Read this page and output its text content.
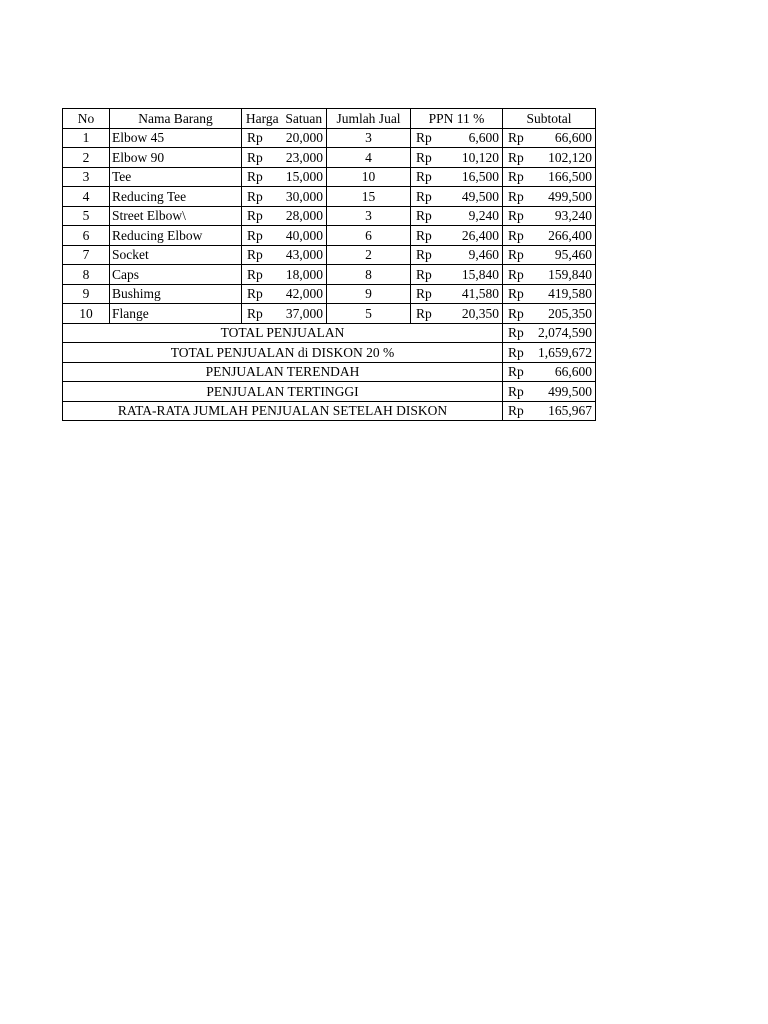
No	Nama Barang	Harga  Satuan	Jumlah Jual	PPN 11 %	Subtotal
1	Elbow 45	Rp 20,000	3	Rp 6,600	Rp 66,600

2	Elbow 90	Rp 23,000	4	Rp 10,120	Rp 102,120

3	Tee	Rp 15,000	10	Rp 16,500	Rp 166,500

4	Reducing Tee	Rp 30,000	15	Rp 49,500	Rp 499,500

5	Street Elbow\	Rp 28,000	3	Rp 9,240	Rp 93,240

6	Reducing Elbow	Rp 40,000	6	Rp 26,400	Rp 266,400

7	Socket	Rp 43,000	2	Rp 9,460	Rp 95,460

8	Caps	Rp 18,000	8	Rp 15,840	Rp 159,840

9	Bushimg	Rp 42,000	9	Rp 41,580	Rp 419,580

10	Flange	Rp 37,000	5	Rp 20,350	Rp 205,350

TOTAL PENJUALAN					Rp 2,074,590

TOTAL PENJUALAN di DISKON 20 %					Rp 1,659,672

PENJUALAN TERENDAH					Rp 66,600

PENJUALAN TERTINGGI					Rp 499,500

RATA-RATA JUMLAH PENJUALAN SETELAH DISKON					Rp 165,967
